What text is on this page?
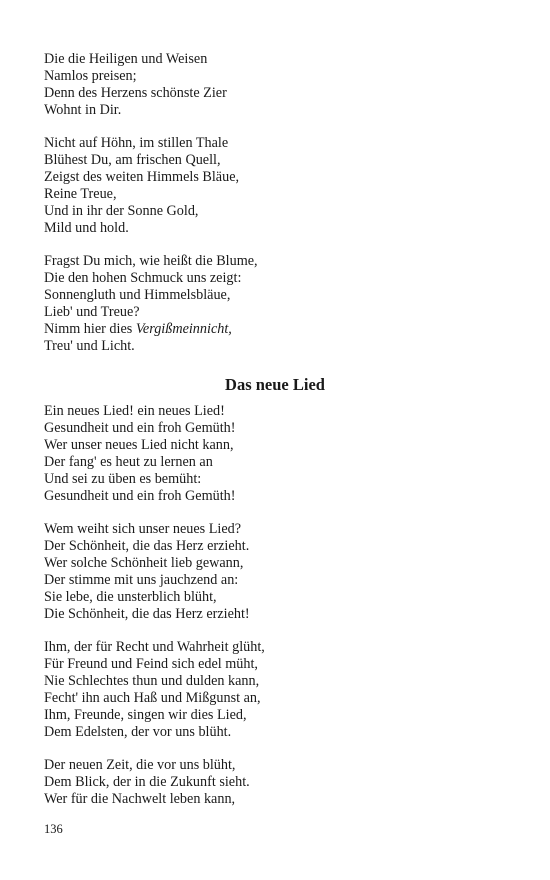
Die die Heiligen und Weisen
Namlos preisen;
Denn des Herzens schönste Zier
Wohnt in Dir.
Nicht auf Höhn, im stillen Thale
Blühest Du, am frischen Quell,
Zeigst des weiten Himmels Bläue,
Reine Treue,
Und in ihr der Sonne Gold,
Mild und hold.
Fragst Du mich, wie heißt die Blume,
Die den hohen Schmuck uns zeigt:
Sonnengluth und Himmelsbläue,
Lieb' und Treue?
Nimm hier dies Vergißmeinnicht,
Treu' und Licht.
Das neue Lied
Ein neues Lied! ein neues Lied!
Gesundheit und ein froh Gemüth!
Wer unser neues Lied nicht kann,
Der fang' es heut zu lernen an
Und sei zu üben es bemüht:
Gesundheit und ein froh Gemüth!
Wem weiht sich unser neues Lied?
Der Schönheit, die das Herz erzieht.
Wer solche Schönheit lieb gewann,
Der stimme mit uns jauchzend an:
Sie lebe, die unsterblich blüht,
Die Schönheit, die das Herz erzieht!
Ihm, der für Recht und Wahrheit glüht,
Für Freund und Feind sich edel müht,
Nie Schlechtes thun und dulden kann,
Fecht' ihn auch Haß und Mißgunst an,
Ihm, Freunde, singen wir dies Lied,
Dem Edelsten, der vor uns blüht.
Der neuen Zeit, die vor uns blüht,
Dem Blick, der in die Zukunft sieht.
Wer für die Nachwelt leben kann,
136
